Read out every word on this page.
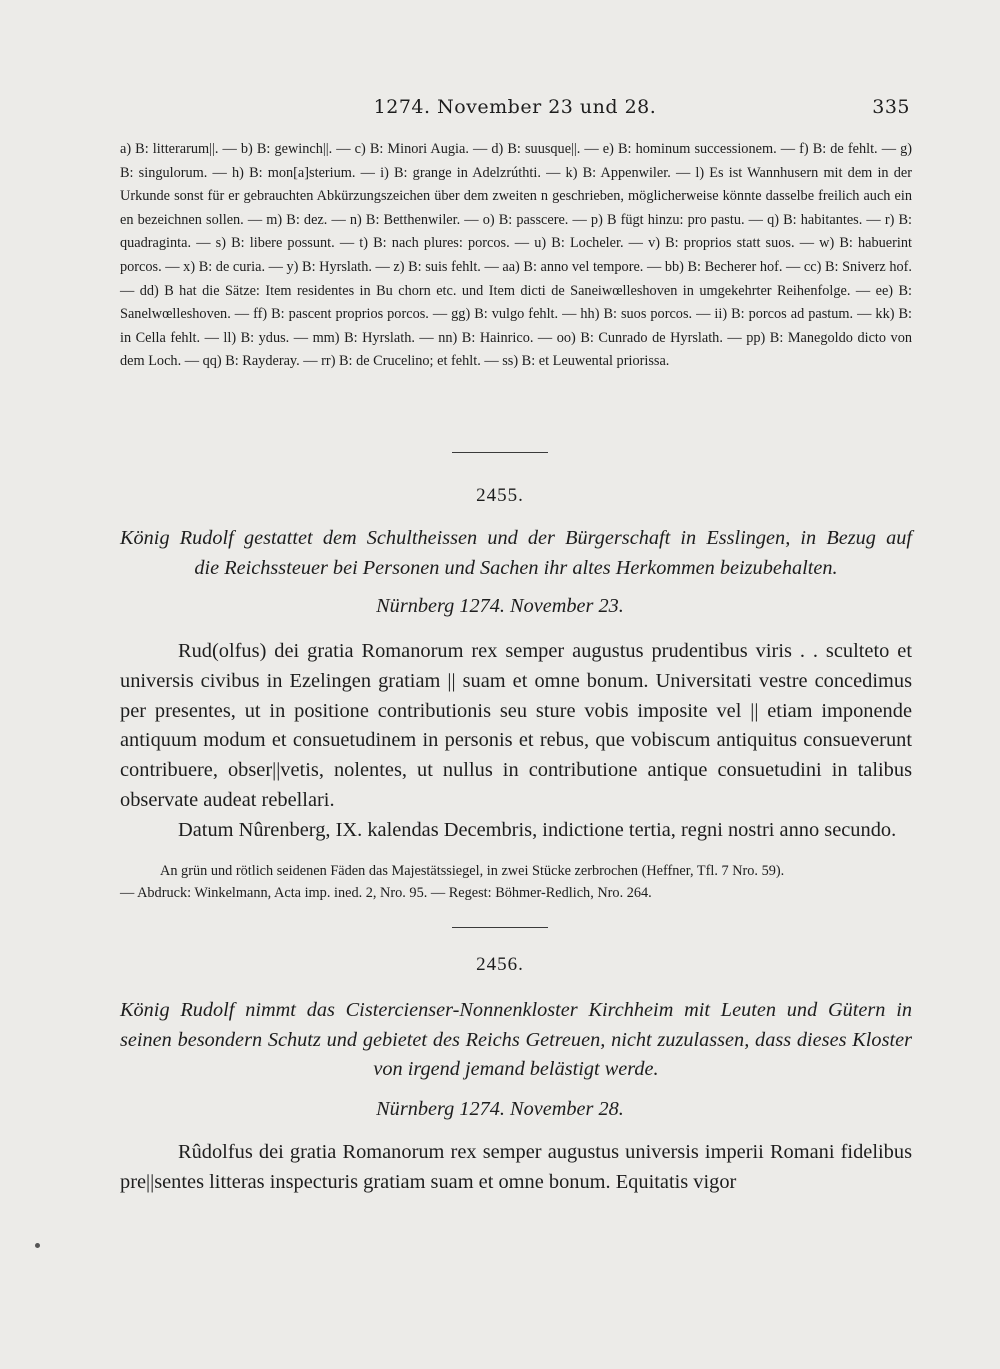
1274. November 23 und 28.	335

a) B: litterarum||. — b) B: gewinch||. — c) B: Minori Augia. — d) B: suusque||. — e) B: hominum successionem. — f) B: de fehlt. — g) B: singulorum. — h) B: mon[a]sterium. — i) B: grange in Adelzrúthti. — k) B: Appenwiler. — l) Es ist Wannhusern mit dem in der Urkunde sonst für er gebrauchten Abkürzungszeichen über dem zweiten n geschrieben, möglicherweise könnte dasselbe freilich auch ein en bezeichnen sollen. — m) B: dez. — n) B: Betthenwiler. — o) B: passcere. — p) B fügt hinzu: pro pastu. — q) B: habitantes. — r) B: quadraginta. — s) B: libere possunt. — t) B: nach plures: porcos. — u) B: Locheler. — v) B: proprios statt suos. — w) B: habuerint porcos. — x) B: de curia. — y) B: Hyrslath. — z) B: suis fehlt. — aa) B: anno vel tempore. — bb) B: Becherer hof. — cc) B: Sniverz hof. — dd) B hat die Sätze: Item residentes in Bu chorn etc. und Item dicti de Saneiwœlleshoven in umgekehrter Reihenfolge. — ee) B: Sanelwœlleshoven. — ff) B: pascent proprios porcos. — gg) B: vulgo fehlt. — hh) B: suos porcos. — ii) B: porcos ad pastum. — kk) B: in Cella fehlt. — ll) B: ydus. — mm) B: Hyrslath. — nn) B: Hainrico. — oo) B: Cunrado de Hyrslath. — pp) B: Manegoldo dicto von dem Loch. — qq) B: Rayderay. — rr) B: de Crucelino; et fehlt. — ss) B: et Leuwental priorissa.

2455.
König Rudolf gestattet dem Schultheissen und der Bürgerschaft in Esslingen, in Bezug auf
die Reichssteuer bei Personen und Sachen ihr altes Herkommen beizubehalten.
Nürnberg 1274. November 23.

Rud(olfus) dei gratia Romanorum rex semper augustus prudentibus viris . . sculteto et universis civibus in Ezelingen gratiam || suam et omne bonum. Universitati vestre concedimus per presentes, ut in positione contributionis seu sture vobis imposite vel || etiam imponende antiquum modum et consuetudinem in personis et rebus, que vobiscum antiquitus consueverunt contribuere, obser||vetis, nolentes, ut nullus in contributione antique consuetudini in talibus observate audeat rebellari.

Datum Nûrenberg, IX. kalendas Decembris, indictione tertia, regni nostri anno secundo.

An grün und rötlich seidenen Fäden das Majestätssiegel, in zwei Stücke zerbrochen (Heffner, Tfl. 7 Nro. 59).
— Abdruck: Winkelmann, Acta imp. ined. 2, Nro. 95. — Regest: Böhmer-Redlich, Nro. 264.
2456.
König Rudolf nimmt das Cistercienser-Nonnenkloster Kirchheim mit Leuten und Gütern in
seinen besondern Schutz und gebietet des Reichs Getreuen, nicht zuzulassen, dass dieses Kloster
von irgend jemand belästigt werde.
Nürnberg 1274. November 28.

Rûdolfus dei gratia Romanorum rex semper augustus universis imperii Romani fidelibus pre||sentes litteras inspecturis gratiam suam et omne bonum. Equitatis vigor
